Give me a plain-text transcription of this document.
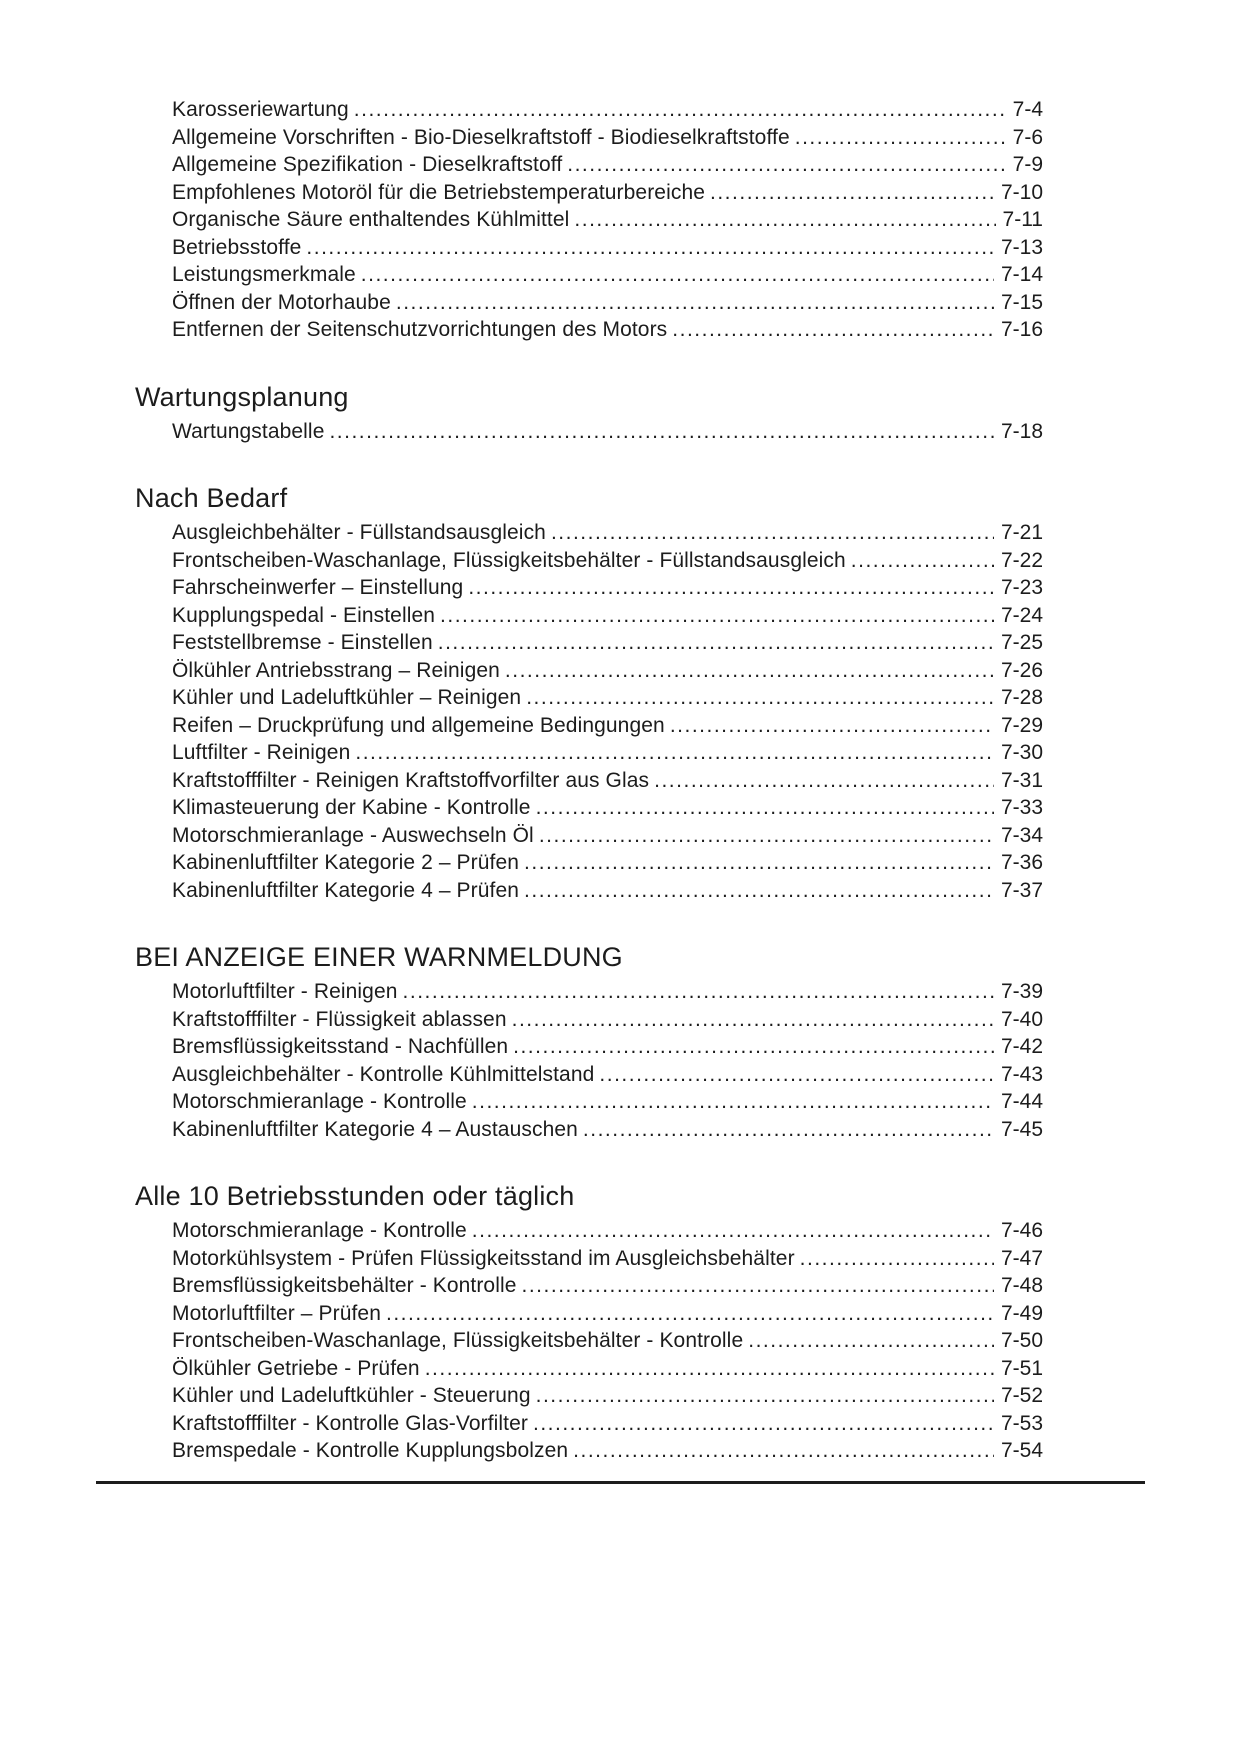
Karosseriewartung .....	7-4
Allgemeine Vorschriften - Bio-Dieselkraftstoff - Biodieselkraftstoffe .....	7-6
Allgemeine Spezifikation - Dieselkraftstoff .....	7-9
Empfohlenes Motoröl für die Betriebstemperaturbereiche .....	7-10
Organische Säure enthaltendes Kühlmittel .....	7-11
Betriebsstoffe .....	7-13
Leistungsmerkmale .....	7-14
Öffnen der Motorhaube .....	7-15
Entfernen der Seitenschutzvorrichtungen des Motors .....	7-16
Wartungsplanung
Wartungstabelle .....	7-18
Nach Bedarf
Ausgleichbehälter - Füllstandsausgleich .....	7-21
Frontscheiben-Waschanlage, Flüssigkeitsbehälter - Füllstandsausgleich .....	7-22
Fahrscheinwerfer – Einstellung .....	7-23
Kupplungspedal - Einstellen .....	7-24
Feststellbremse - Einstellen .....	7-25
Ölkühler Antriebsstrang – Reinigen .....	7-26
Kühler und Ladeluftkühler – Reinigen .....	7-28
Reifen – Druckprüfung und allgemeine Bedingungen .....	7-29
Luftfilter - Reinigen .....	7-30
Kraftstofffilter - Reinigen Kraftstoffvorfilter aus Glas .....	7-31
Klimasteuerung der Kabine - Kontrolle .....	7-33
Motorschmieranlage - Auswechseln Öl .....	7-34
Kabinenluftfilter Kategorie 2 – Prüfen .....	7-36
Kabinenluftfilter Kategorie 4 – Prüfen .....	7-37
BEI ANZEIGE EINER WARNMELDUNG
Motorluftfilter - Reinigen .....	7-39
Kraftstofffilter - Flüssigkeit ablassen .....	7-40
Bremsflüssigkeitsstand - Nachfüllen .....	7-42
Ausgleichbehälter - Kontrolle Kühlmittelstand .....	7-43
Motorschmieranlage - Kontrolle .....	7-44
Kabinenluftfilter Kategorie 4 – Austauschen .....	7-45
Alle 10 Betriebsstunden oder täglich
Motorschmieranlage - Kontrolle .....	7-46
Motorkühlsystem - Prüfen Flüssigkeitsstand im Ausgleichsbehälter .....	7-47
Bremsflüssigkeitsbehälter - Kontrolle .....	7-48
Motorluftfilter – Prüfen .....	7-49
Frontscheiben-Waschanlage, Flüssigkeitsbehälter - Kontrolle .....	7-50
Ölkühler Getriebe - Prüfen .....	7-51
Kühler und Ladeluftkühler - Steuerung .....	7-52
Kraftstofffilter - Kontrolle Glas-Vorfilter .....	7-53
Bremspedale - Kontrolle Kupplungsbolzen .....	7-54
